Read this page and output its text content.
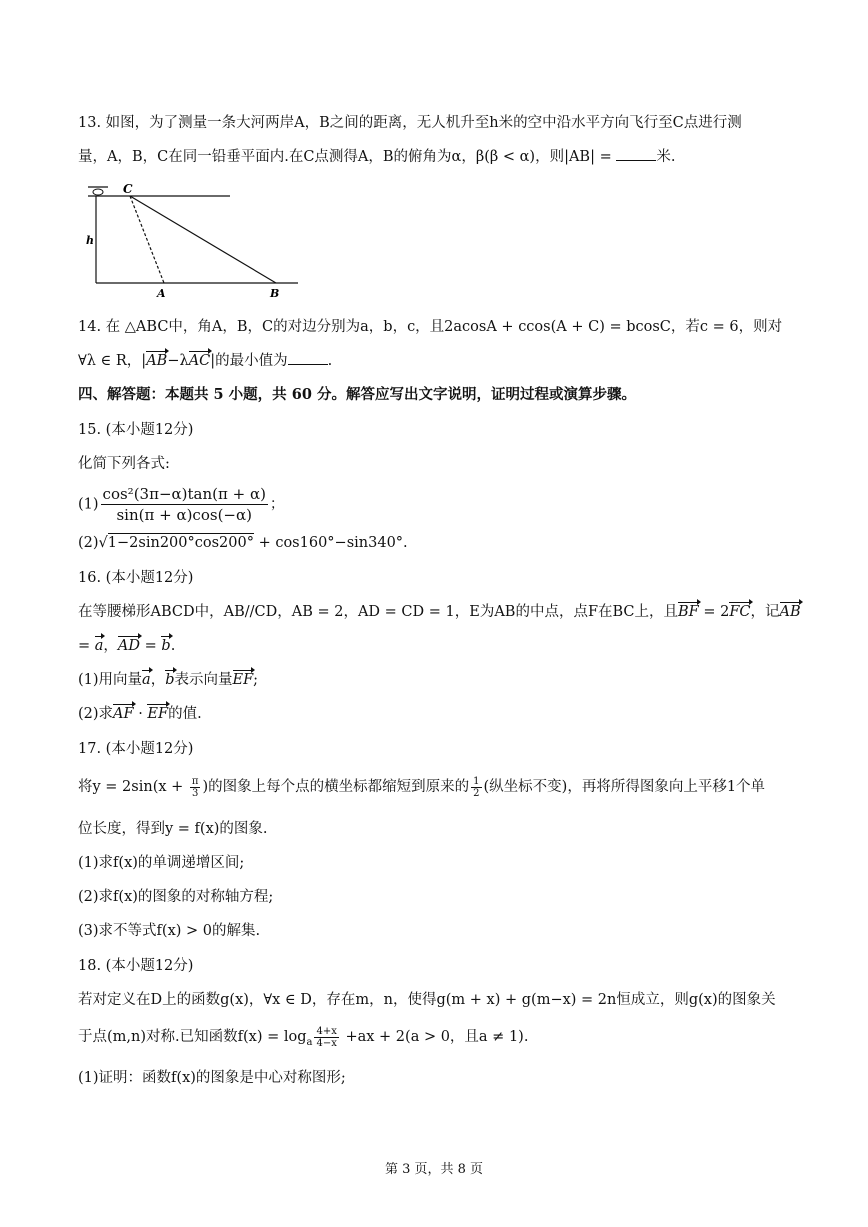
13. 如图，为了测量一条大河两岸A，B之间的距离，无人机升至h米的空中沿水平方向飞行至C点进行测
量，A，B，C在同一铅垂平面内.在C点测得A，B的俯角为α，β(β < α)，则|AB| =	米.
C
h
A	B
14. 在 △ABC中，角A，B，C的对边分别为a，b，c，且2acosA + ccos(A + C) = bcosC，若c = 6，则对
∀λ ∈ R，|AB−λAC|的最小值为	.
四、解答题：本题共 5 小题，共 60 分。解答应写出文字说明，证明过程或演算步骤。
15. (本小题12分)
化简下列各式:
$(1) \frac{\text{cos²(3π−α)tan(π + α)}}{\sin(\pi + \alpha)\cos(-\alpha)}$ ；
(2)√1−2sin200°cos200° + cos160°−sin340°.
16. (本小题12分)
在等腰梯形ABCD中，AB//CD，AB = 2，AD = CD = 1，E为AB的中点，点F在BC上，且BF = 2FC，记AB
= a，AD = b.
(1)用向量a，b表示向量EF;
(2)求AF · EF的值.
17. (本小题12分)
将$y = 2\sin(x + \frac{\pi}{3}$ )的图象上每个点的横坐标都缩短到原来的 $\frac{1}{2}$ (纵坐标不变)，再将所得图象向上平移1个单
位长度，得到y = f(x)的图象.
(1)求f(x)的单调递增区间;
(2)求f(x)的图象的对称轴方程;
(3)求不等式f(x) > 0的解集.
18. (本小题12分)
若对定义在D上的函数g(x)，∀x ∈ D，存在m，n，使得g(m + x) + g(m−x) = 2n恒成立，则g(x)的图象关
于点(m,n)对称.已知函数$f(x) = \log_a \frac{4+x}{4-x} +ax + 2(a > 0$，且a ≠ 1).
(1)证明：函数f(x)的图象是中心对称图形;
第 3 页，共 8 页
